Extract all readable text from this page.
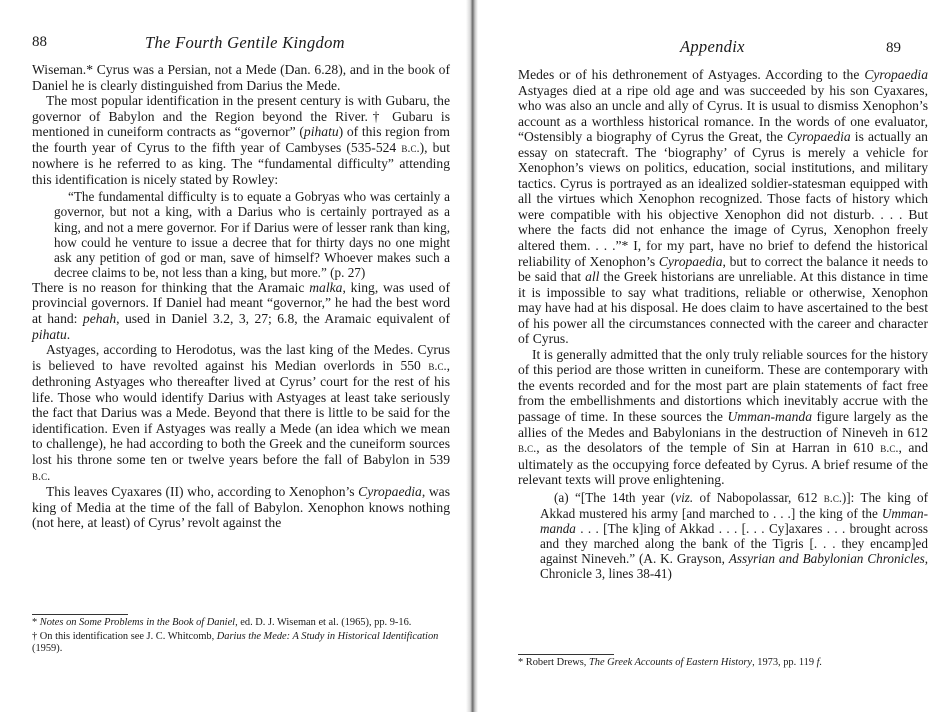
88	The Fourth Gentile Kingdom

Wiseman.* Cyrus was a Persian, not a Mede (Dan. 6.28), and in the book of Daniel he is clearly distinguished from Darius the Mede.

The most popular identification in the present century is with Gubaru, the governor of Babylon and the Region beyond the River.† Gubaru is mentioned in cuneiform contracts as “governor” (pihatu) of this region from the fourth year of Cyrus to the fifth year of Cambyses (535-524 b.c.), but nowhere is he referred to as king. The “fundamental difficulty” attending this identification is nicely stated by Rowley:

“The fundamental difficulty is to equate a Gobryas who was certainly a governor, but not a king, with a Darius who is certainly portrayed as a king, and not a mere governor. For if Darius were of lesser rank than king, how could he venture to issue a decree that for thirty days no one might ask any petition of god or man, save of himself? Whoever makes such a decree claims to be, not less than a king, but more.” (p. 27)

There is no reason for thinking that the Aramaic malka, king, was used of provincial governors. If Daniel had meant “governor,” he had the best word at hand: pehah, used in Daniel 3.2, 3, 27; 6.8, the Aramaic equivalent of pihatu.

Astyages, according to Herodotus, was the last king of the Medes. Cyrus is believed to have revolted against his Median overlords in 550 b.c., dethroning Astyages who thereafter lived at Cyrus’ court for the rest of his life. Those who would identify Darius with Astyages at least take seriously the fact that Darius was a Mede. Beyond that there is little to be said for the identification. Even if Astyages was really a Mede (an idea which we mean to challenge), he had according to both the Greek and the cuneiform sources lost his throne some ten or twelve years before the fall of Babylon in 539 b.c.

This leaves Cyaxares (II) who, according to Xenophon’s Cyropaedia, was king of Media at the time of the fall of Babylon. Xenophon knows nothing (not here, at least) of Cyrus’ revolt against the

* Notes on Some Problems in the Book of Daniel, ed. D. J. Wiseman et al. (1965), pp. 9-16.

† On this identification see J. C. Whitcomb, Darius the Mede: A Study in Historical Identification (1959).

Appendix	89

Medes or of his dethronement of Astyages. According to the Cyropaedia Astyages died at a ripe old age and was succeeded by his son Cyaxares, who was also an uncle and ally of Cyrus. It is usual to dismiss Xenophon’s account as a worthless historical romance. In the words of one evaluator, “Ostensibly a biography of Cyrus the Great, the Cyropaedia is actually an essay on statecraft. The ‘biography’ of Cyrus is merely a vehicle for Xenophon’s views on politics, education, social institutions, and military tactics. Cyrus is portrayed as an idealized soldier-statesman equipped with all the virtues which Xenophon recognized. Those facts of history which were compatible with his objective Xenophon did not disturb. . . . But where the facts did not enhance the image of Cyrus, Xenophon freely altered them. . . .”* I, for my part, have no brief to defend the historical reliability of Xenophon’s Cyropaedia, but to correct the balance it needs to be said that all the Greek historians are unreliable. At this distance in time it is impossible to say what traditions, reliable or otherwise, Xenophon may have had at his disposal. He does claim to have ascertained to the best of his power all the circumstances connected with the career and character of Cyrus.

It is generally admitted that the only truly reliable sources for the history of this period are those written in cuneiform. These are contemporary with the events recorded and for the most part are plain statements of fact free from the embellishments and distortions which inevitably accrue with the passage of time. In these sources the Umman-manda figure largely as the allies of the Medes and Babylonians in the destruction of Nineveh in 612 b.c., as the desolators of the temple of Sin at Harran in 610 b.c., and ultimately as the occupying force defeated by Cyrus. A brief resume of the relevant texts will prove enlightening.

(a) “[The 14th year (viz. of Nabopolassar, 612 b.c.)]: The king of Akkad mustered his army [and marched to . . .] the king of the Umman-manda . . . [The k]ing of Akkad . . . [. . . Cy]axares . . . brought across and they marched along the bank of the Tigris [. . . they encamp]ed against Nineveh.” (A. K. Grayson, Assyrian and Babylonian Chronicles, Chronicle 3, lines 38-41)

* Robert Drews, The Greek Accounts of Eastern History, 1973, pp. 119 f.
